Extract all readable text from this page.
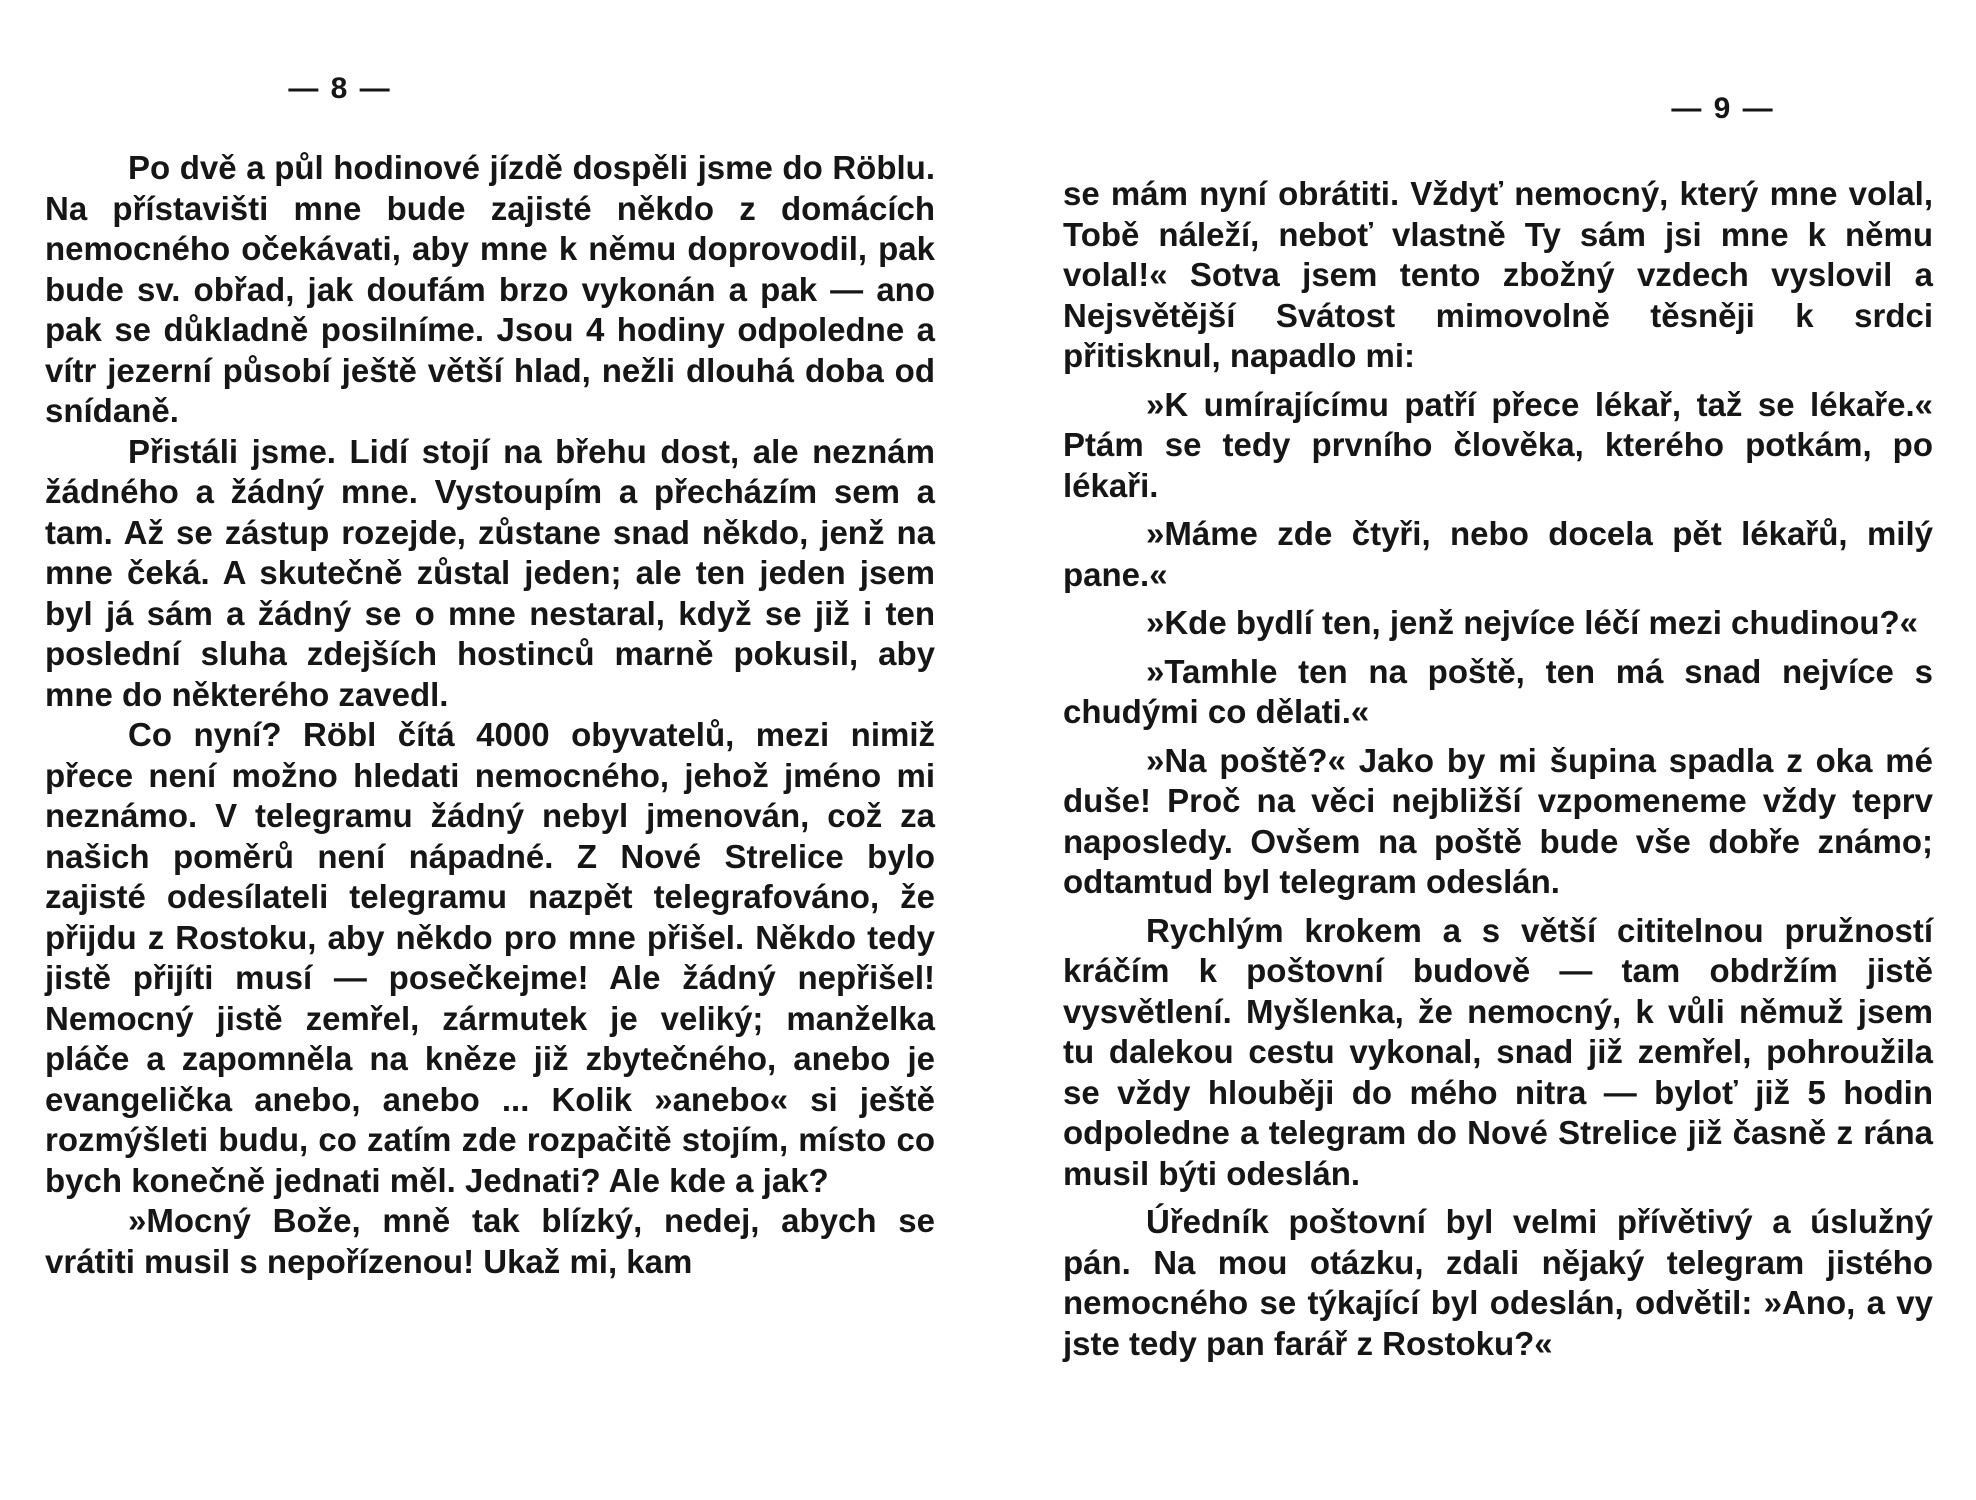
— 8 —

Po dvě a půl hodinové jízdě dospěli jsme do Röblu. Na přístavišti mne bude zajisté někdo z domácích nemocného očekávati, aby mne k němu doprovodil, pak bude sv. obřad, jak doufám brzo vykonán a pak — ano pak se důkladně posilníme. Jsou 4 hodiny odpoledne a vítr jezerní působí ještě větší hlad, nežli dlouhá doba od snídaně.

Přistáli jsme. Lidí stojí na břehu dost, ale neznám žádného a žádný mne. Vystoupím a přecházím sem a tam. Až se zástup rozejde, zůstane snad někdo, jenž na mne čeká. A skutečně zůstal jeden; ale ten jeden jsem byl já sám a žádný se o mne nestaral, když se již i ten poslední sluha zdejších hostinců marně pokusil, aby mne do některého zavedl.

Co nyní? Röbl čítá 4000 obyvatelů, mezi nimiž přece není možno hledati nemocného, jehož jméno mi neznámo. V telegramu žádný nebyl jmenován, což za našich poměrů není nápadné. Z Nové Strelice bylo zajisté odesílateli telegramu nazpět telegrafováno, že přijdu z Rostoku, aby někdo pro mne přišel. Někdo tedy jistě přijíti musí — posečkejme! Ale žádný nepřišel! Nemocný jistě zemřel, zármutek je veliký; manželka pláče a zapomněla na kněze již zbytečného, anebo je evangelička anebo, anebo ... Kolik »anebo« si ještě rozmýšleti budu, co zatím zde rozpačitě stojím, místo co bych konečně jednati měl. Jednati? Ale kde a jak?

»Mocný Bože, mně tak blízký, nedej, abych se vrátiti musil s nepořízenou! Ukaž mi, kam

— 9 —

se mám nyní obrátiti. Vždyť nemocný, který mne volal, Tobě náleží, neboť vlastně Ty sám jsi mne k němu volal!« Sotva jsem tento zbožný vzdech vyslovil a Nejsvětější Svátost mimovolně těsněji k srdci přitisknul, napadlo mi:

»K umírajícímu patří přece lékař, taž se lékaře.« Ptám se tedy prvního člověka, kterého potkám, po lékaři.

»Máme zde čtyři, nebo docela pět lékařů, milý pane.«

»Kde bydlí ten, jenž nejvíce léčí mezi chudinou?«

»Tamhle ten na poště, ten má snad nejvíce s chudými co dělati.«

»Na poště?« Jako by mi šupina spadla z oka mé duše! Proč na věci nejbližší vzpomeneme vždy teprv naposledy. Ovšem na poště bude vše dobře známo; odtamtud byl telegram odeslán.

Rychlým krokem a s větší cititelnou pružností kráčím k poštovní budově — tam obdržím jistě vysvětlení. Myšlenka, že nemocný, k vůli němuž jsem tu dalekou cestu vykonal, snad již zemřel, pohroužila se vždy hlouběji do mého nitra — byloť již 5 hodin odpoledne a telegram do Nové Strelice již časně z rána musil býti odeslán.

Úředník poštovní byl velmi přívětivý a úslužný pán. Na mou otázku, zdali nějaký telegram jistého nemocného se týkající byl odeslán, odvětil: »Ano, a vy jste tedy pan farář z Rostoku?«
